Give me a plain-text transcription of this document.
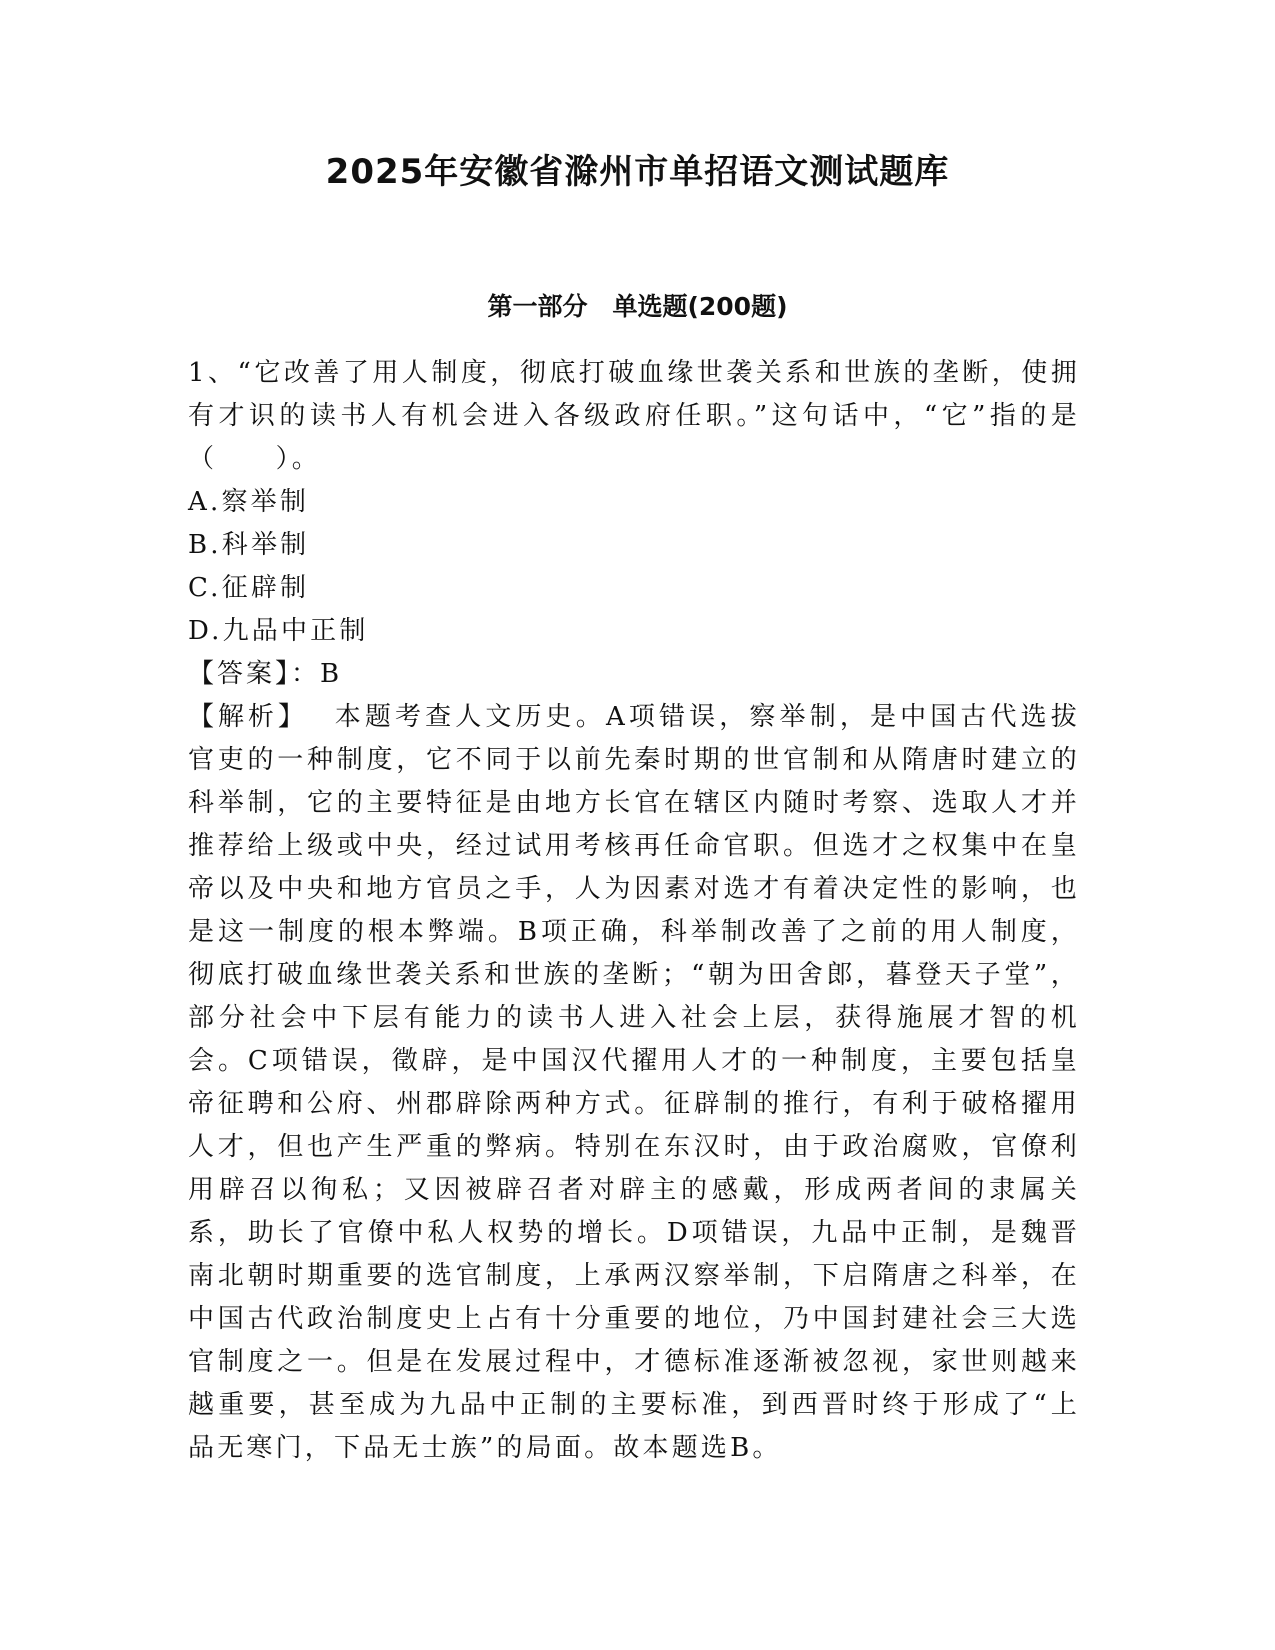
2025年安徽省滁州市单招语文测试题库
第一部分　单选题(200题)

1、“它改善了用人制度，彻底打破血缘世袭关系和世族的垄断，使拥有才识的读书人有机会进入各级政府任职。”这句话中，“它”指的是（　　）。

A.察举制
B.科举制
C.征辟制
D.九品中正制

【答案】：B

【解析】 本题考查人文历史。A项错误，察举制，是中国古代选拔官吏的一种制度，它不同于以前先秦时期的世官制和从隋唐时建立的科举制，它的主要特征是由地方长官在辖区内随时考察、选取人才并推荐给上级或中央，经过试用考核再任命官职。但选才之权集中在皇帝以及中央和地方官员之手，人为因素对选才有着决定性的影响，也是这一制度的根本弊端。B项正确，科举制改善了之前的用人制度，彻底打破血缘世袭关系和世族的垄断；“朝为田舍郎，暮登天子堂”，部分社会中下层有能力的读书人进入社会上层，获得施展才智的机会。C项错误，徵辟，是中国汉代擢用人才的一种制度，主要包括皇帝征聘和公府、州郡辟除两种方式。征辟制的推行，有利于破格擢用人才，但也产生严重的弊病。特别在东汉时，由于政治腐败，官僚利用辟召以徇私；又因被辟召者对辟主的感戴，形成两者间的隶属关系，助长了官僚中私人权势的增长。D项错误，九品中正制，是魏晋南北朝时期重要的选官制度，上承两汉察举制，下启隋唐之科举，在中国古代政治制度史上占有十分重要的地位，乃中国封建社会三大选官制度之一。但是在发展过程中，才德标准逐渐被忽视，家世则越来越重要，甚至成为九品中正制的主要标准，到西晋时终于形成了“上品无寒门，下品无士族”的局面。故本题选B。
